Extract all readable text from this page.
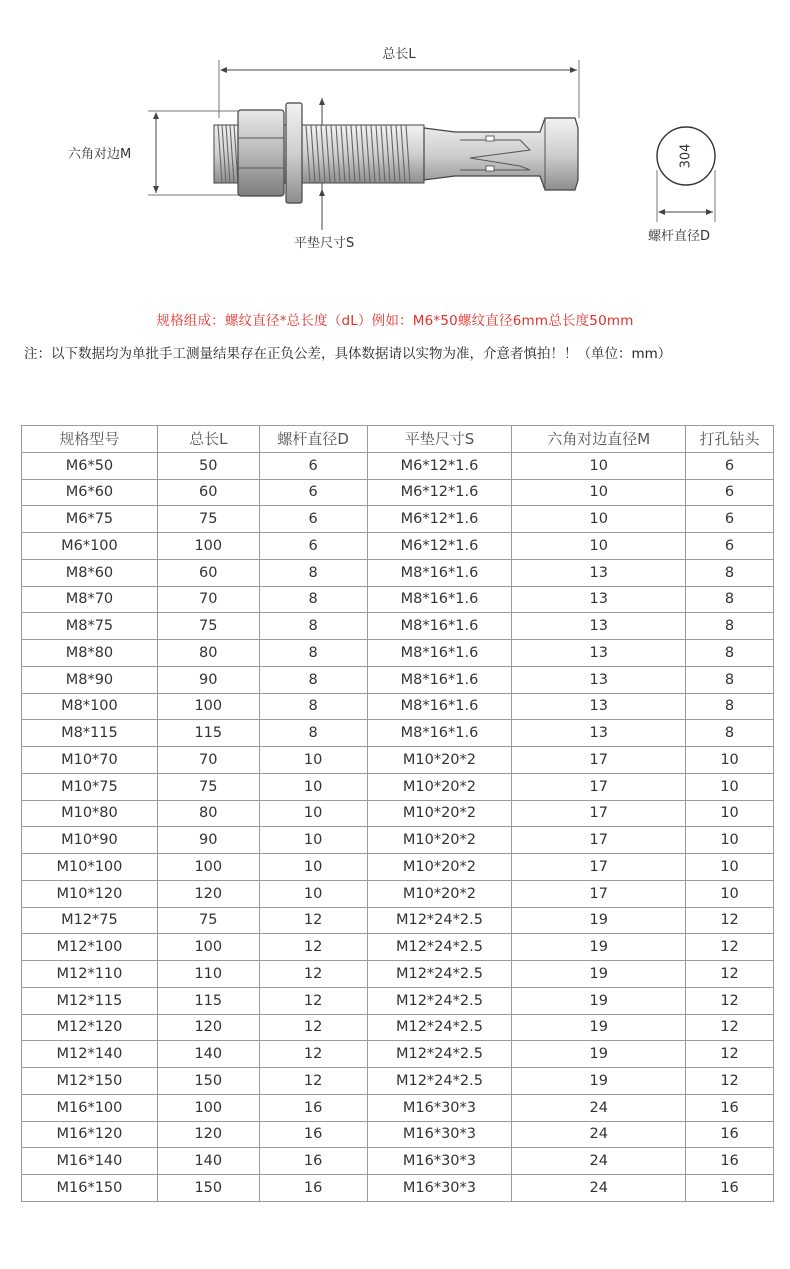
总长L
六角对边M
平垫尺寸S
304
螺杆直径D
规格组成：螺纹直径*总长度（dL）例如：M6*50螺纹直径6mm总长度50mm
注：以下数据均为单批手工测量结果存在正负公差，具体数据请以实物为准，介意者慎拍！！（单位：mm）
规格型号	总长L	螺杆直径D	平垫尺寸S	六角对边直径M	打孔钻头
M6*50	50	6	M6*12*1.6	10	6
M6*60	60	6	M6*12*1.6	10	6
M6*75	75	6	M6*12*1.6	10	6
M6*100	100	6	M6*12*1.6	10	6
M8*60	60	8	M8*16*1.6	13	8
M8*70	70	8	M8*16*1.6	13	8
M8*75	75	8	M8*16*1.6	13	8
M8*80	80	8	M8*16*1.6	13	8
M8*90	90	8	M8*16*1.6	13	8
M8*100	100	8	M8*16*1.6	13	8
M8*115	115	8	M8*16*1.6	13	8
M10*70	70	10	M10*20*2	17	10
M10*75	75	10	M10*20*2	17	10
M10*80	80	10	M10*20*2	17	10
M10*90	90	10	M10*20*2	17	10
M10*100	100	10	M10*20*2	17	10
M10*120	120	10	M10*20*2	17	10
M12*75	75	12	M12*24*2.5	19	12
M12*100	100	12	M12*24*2.5	19	12
M12*110	110	12	M12*24*2.5	19	12
M12*115	115	12	M12*24*2.5	19	12
M12*120	120	12	M12*24*2.5	19	12
M12*140	140	12	M12*24*2.5	19	12
M12*150	150	12	M12*24*2.5	19	12
M16*100	100	16	M16*30*3	24	16
M16*120	120	16	M16*30*3	24	16
M16*140	140	16	M16*30*3	24	16
M16*150	150	16	M16*30*3	24	16
